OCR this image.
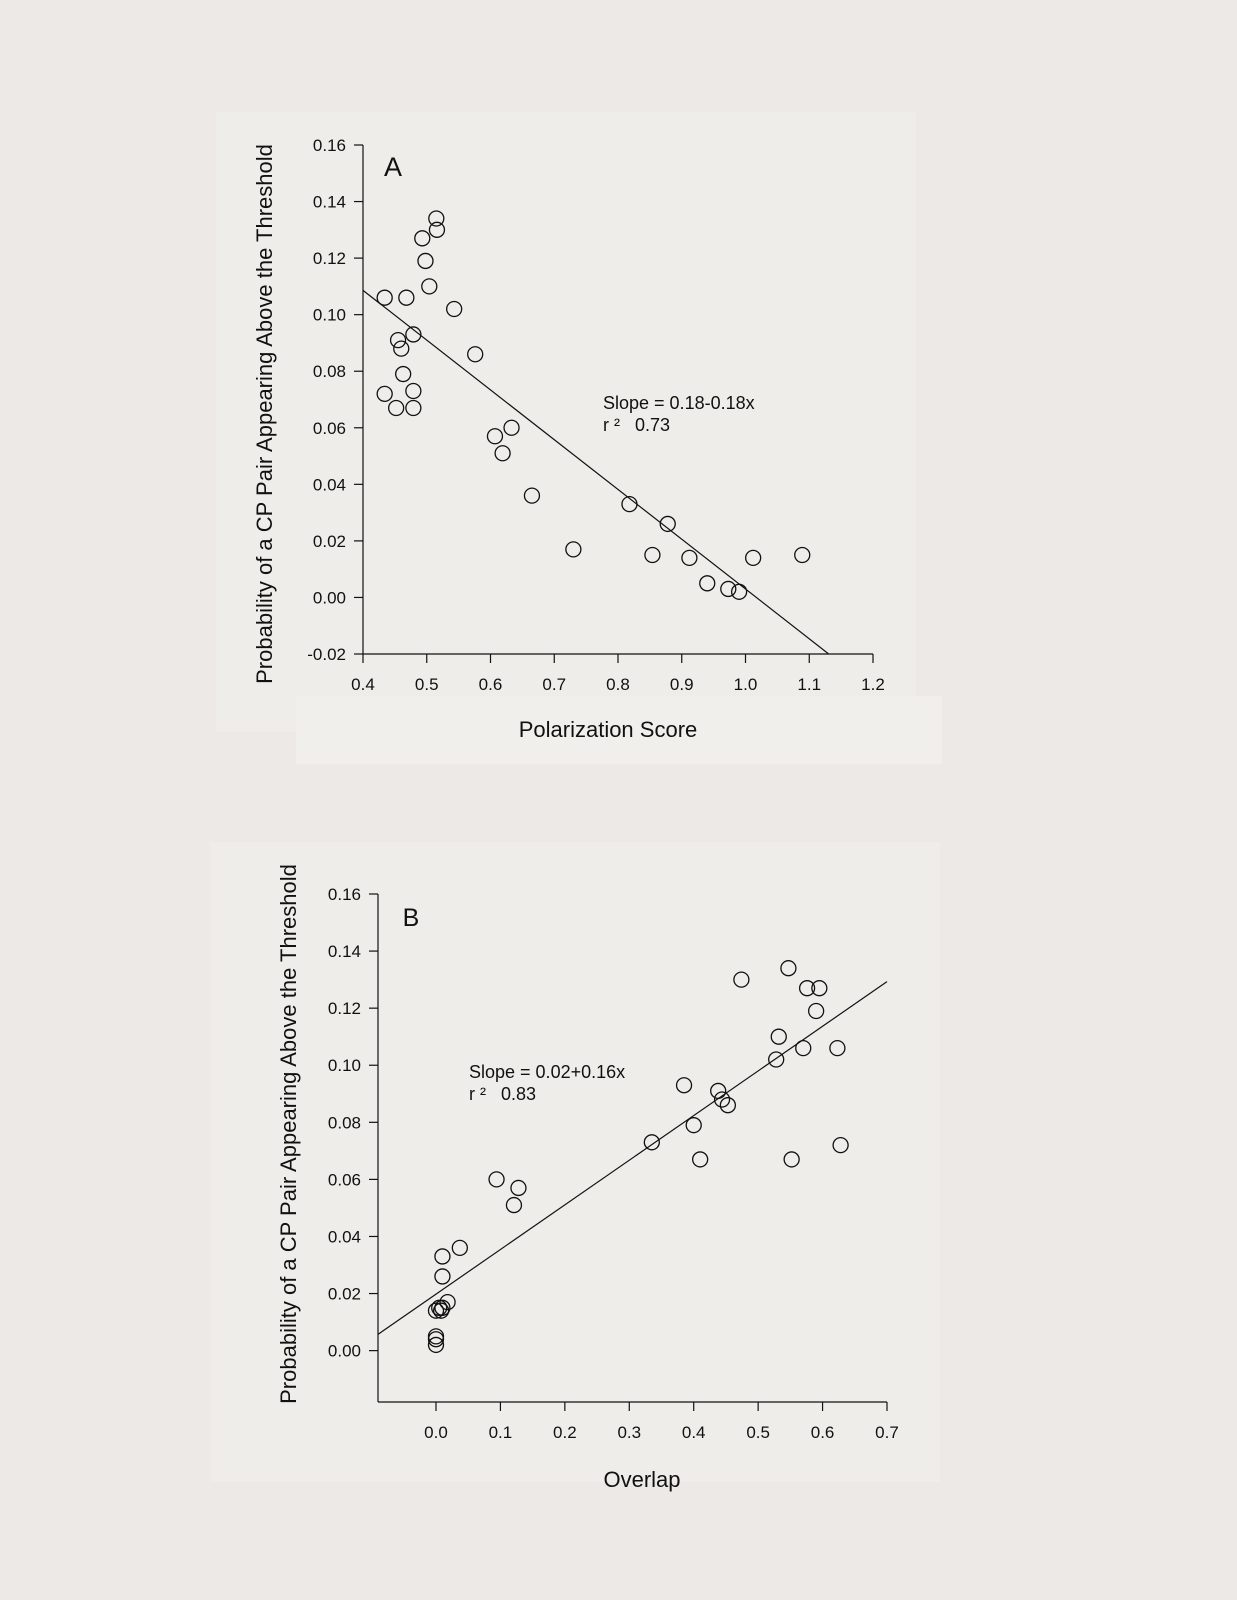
-0.02
0.00
0.02
0.04
0.06
0.08
0.10
0.12
0.14
0.16
0.4 0.5 0.6 0.7 0.8 0.9 1.0 1.1 1.2
A
Slope = 0.18-0.18x
r ²   0.73
Polarization Score
Probability of a CP Pair Appearing Above the Threshold
0.00
0.02
0.04
0.06
0.08
0.10
0.12
0.14
0.16
0.0 0.1 0.2 0.3 0.4 0.5 0.6 0.7
B
Slope = 0.02+0.16x
r ²   0.83
Overlap
Probability of a CP Pair Appearing Above the Threshold
